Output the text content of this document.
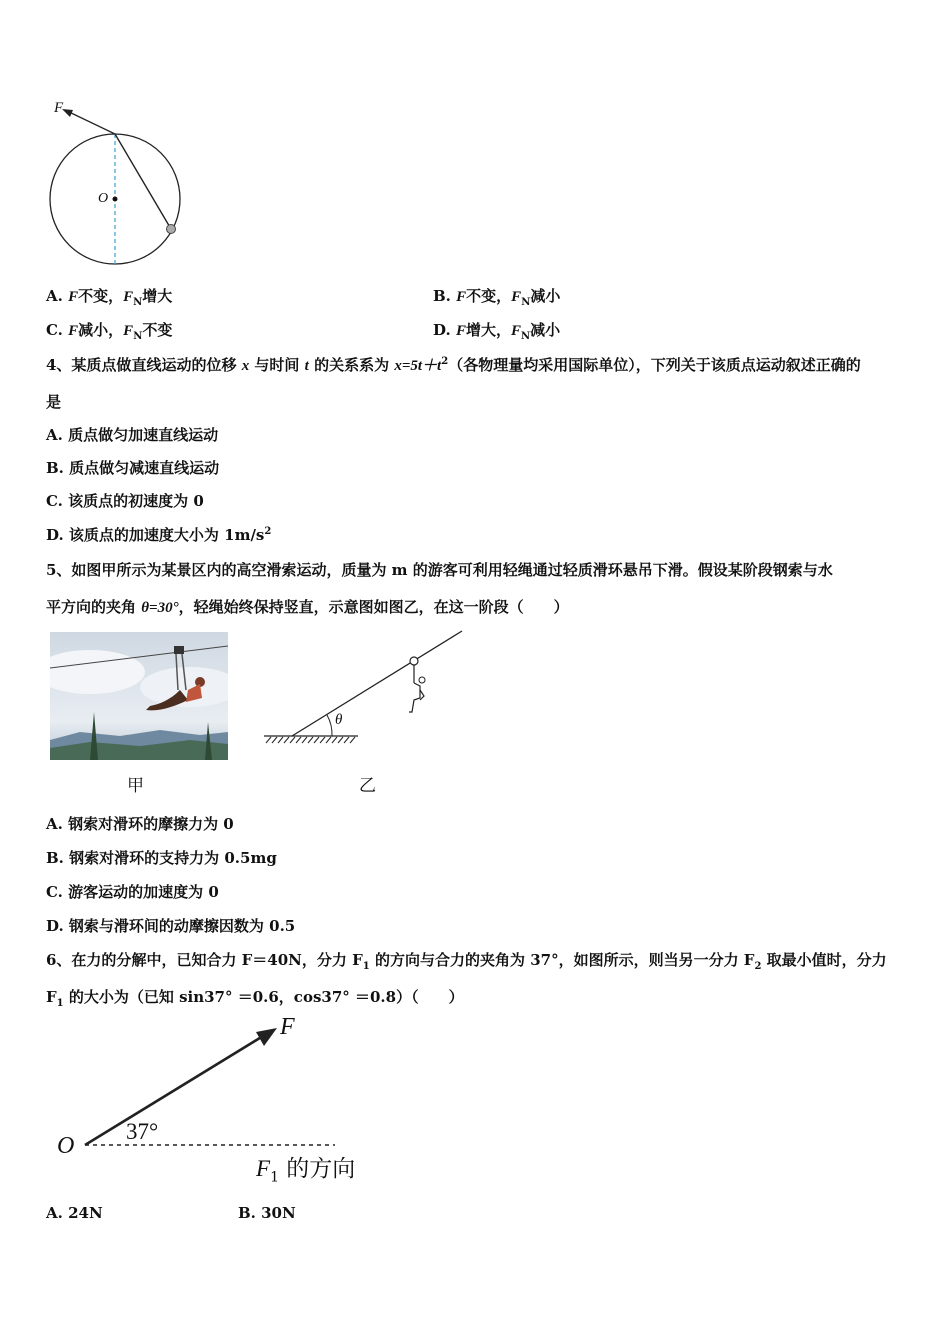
F
O
A. F不变，$F_N$增大	B. F不变，$F_N$减小
C. F减小，$F_N$不变	D. F增大，$F_N$减小
4、某质点做直线运动的位移 x 与时间 t 的关系系为 $x=5t+t^2$（各物理量均采用国际单位），下列关于该质点运动叙述正确的
是
A. 质点做匀加速直线运动
B. 质点做匀减速直线运动
C. 该质点的初速度为 0
D. 该质点的加速度大小为 $1m/s^2$
5、如图甲所示为某景区内的高空滑索运动，质量为 m 的游客可利用轻绳通过轻质滑环悬吊下滑。假设某阶段钢索与水
平方向的夹角 θ=30°，轻绳始终保持竖直，示意图如图乙，在这一阶段（　　）
甲
θ
乙
A. 钢索对滑环的摩擦力为 0
B. 钢索对滑环的支持力为 0.5mg
C. 游客运动的加速度为 0
D. 钢索与滑环间的动摩擦因数为 0.5
6、在力的分解中，已知合力 F＝40N，分力 $F_1$ 的方向与合力的夹角为 37°，如图所示，则当另一分力 $F_2$ 取最小值时，分力
$F_1$ 的大小为（已知 sin37° ＝0.6，cos37° ＝0.8）（　　）
F
37°
O
$F_1$ 的方向
A. 24N	B. 30N
